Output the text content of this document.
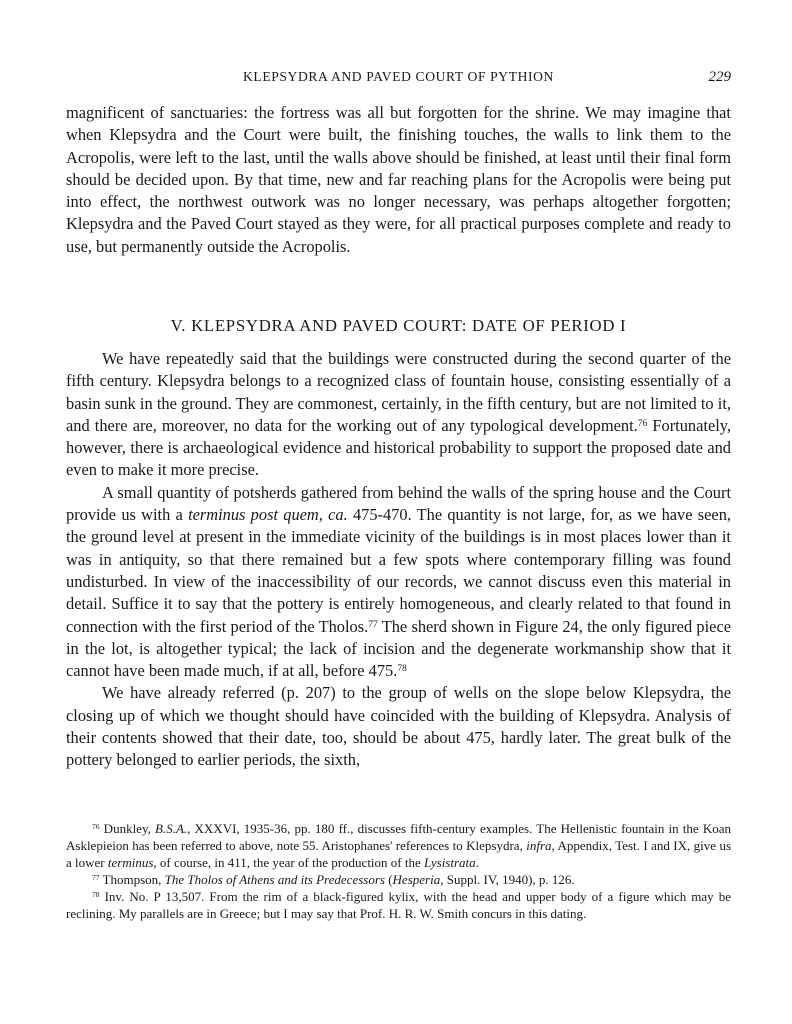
KLEPSYDRA AND PAVED COURT OF PYTHION	229

magnificent of sanctuaries: the fortress was all but forgotten for the shrine. We may imagine that when Klepsydra and the Court were built, the finishing touches, the walls to link them to the Acropolis, were left to the last, until the walls above should be finished, at least until their final form should be decided upon. By that time, new and far reaching plans for the Acropolis were being put into effect, the northwest outwork was no longer necessary, was perhaps altogether forgotten; Klepsydra and the Paved Court stayed as they were, for all practical purposes complete and ready to use, but permanently outside the Acropolis.

V. KLEPSYDRA AND PAVED COURT: DATE OF PERIOD I

We have repeatedly said that the buildings were constructed during the second quarter of the fifth century. Klepsydra belongs to a recognized class of fountain house, consisting essentially of a basin sunk in the ground. They are commonest, certainly, in the fifth century, but are not limited to it, and there are, moreover, no data for the working out of any typological development.$^{76}$ Fortunately, however, there is archaeological evidence and historical probability to support the proposed date and even to make it more precise.

A small quantity of potsherds gathered from behind the walls of the spring house and the Court provide us with a terminus post quem, ca. 475-470. The quantity is not large, for, as we have seen, the ground level at present in the immediate vicinity of the buildings is in most places lower than it was in antiquity, so that there remained but a few spots where contemporary filling was found undisturbed. In view of the inaccessibility of our records, we cannot discuss even this material in detail. Suffice it to say that the pottery is entirely homogeneous, and clearly related to that found in connection with the first period of the Tholos.$^{77}$ The sherd shown in Figure 24, the only figured piece in the lot, is altogether typical; the lack of incision and the degenerate workmanship show that it cannot have been made much, if at all, before 475.78

We have already referred (p. 207) to the group of wells on the slope below Klepsydra, the closing up of which we thought should have coincided with the building of Klepsydra. Analysis of their contents showed that their date, too, should be about 475, hardly later. The great bulk of the pottery belonged to earlier periods, the sixth,

$^{76}$ Dunkley, B.S.A., XXXVI, 1935-36, pp. 180 ff., discusses fifth-century examples. The Hellenistic fountain in the Koan Asklepieion has been referred to above, note 55. Aristophanes' references to Klepsydra, infra, Appendix, Test. I and IX, give us a lower terminus, of course, in 411, the year of the production of the Lysistrata.

$^{77}$ Thompson, The Tholos of Athens and its Predecessors (Hesperia, Suppl. IV, 1940), p. 126.

$^{78}$ Inv. No. P 13,507. From the rim of a black-figured kylix, with the head and upper body of a figure which may be reclining. My parallels are in Greece; but I may say that Prof. H. R. W. Smith concurs in this dating.
